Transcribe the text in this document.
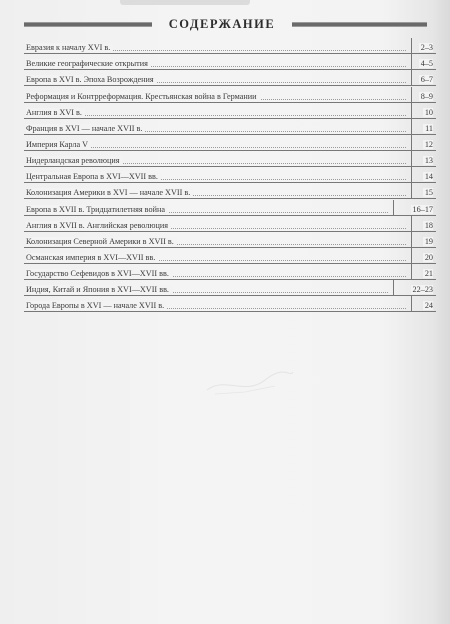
СОДЕРЖАНИЕ
Евразия к началу XVI в.	2–3
Великие географические открытия	4–5
Европа в XVI в. Эпоха Возрождения	6–7
Реформация и Контрреформация. Крестьянская война в Германии	8–9
Англия в XVI в.	10
Франция в XVI — начале XVII в.	11
Империя Карла V	12
Нидерландская революция	13
Центральная Европа в XVI—XVII вв.	14
Колонизация Америки в XVI — начале XVII в.	15
Европа в XVII в. Тридцатилетняя война	16–17
Англия в XVII в. Английская революция	18
Колонизация Северной Америки в XVII в.	19
Османская империя в XVI—XVII вв.	20
Государство Сефевидов в XVI—XVII вв.	21
Индия, Китай и Япония в XVI—XVII вв.	22–23
Города Европы в XVI — начале XVII в.	24
